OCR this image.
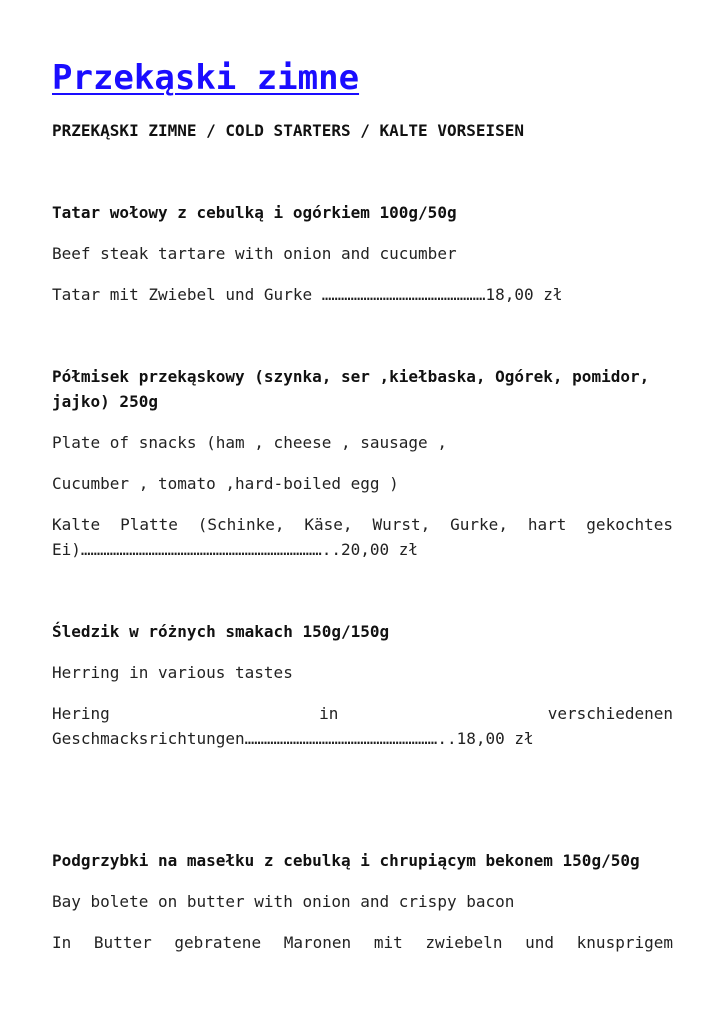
Przekąski zimne

PRZEKĄSKI ZIMNE / COLD STARTERS / KALTE VORSEISEN

Tatar wołowy z cebulką i ogórkiem 100g/50g

Beef steak tartare with onion and cucumber

Tatar mit Zwiebel und Gurke ……………………………………………18,00 zł

Półmisek przekąskowy (szynka, ser ,kiełbaska, Ogórek, pomidor,

jajko) 250g

Plate of snacks (ham , cheese , sausage ,

Cucumber , tomato ,hard-boiled egg )

Kalte Platte (Schinke, Käse, Wurst, Gurke, hart gekochtes

Ei)…………………………………………………………………..20,00 zł

Śledzik w różnych smakach 150g/150g

Herring in various tastes

Hering in verschiedenen

Geschmacksrichtungen……………………………………………………..18,00 zł

Podgrzybki na masełku z cebulką i chrupiącym bekonem 150g/50g

Bay bolete on butter with onion and crispy bacon

In Butter gebratene Maronen mit zwiebeln und knusprigem
